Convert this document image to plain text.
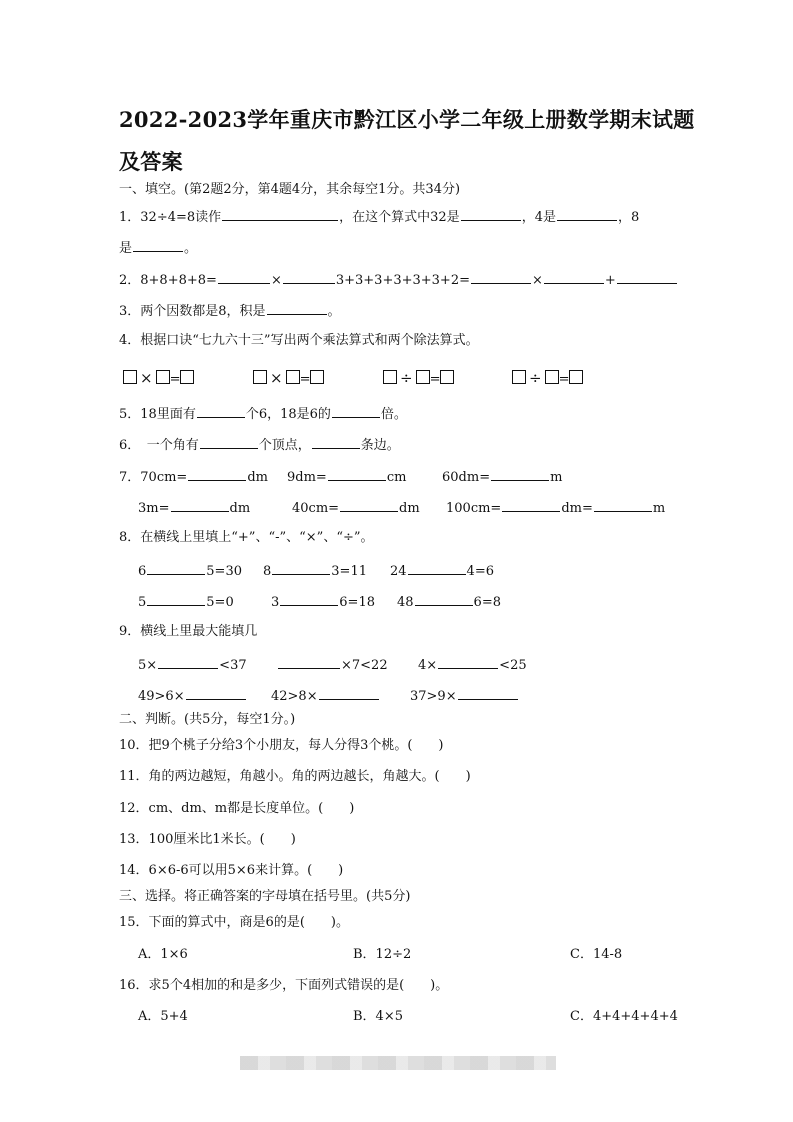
2022-2023学年重庆市黔江区小学二年级上册数学期末试题
及答案
一、填空。(第2题2分，第4题4分，其余每空1分。共34分)
1．32÷4=8读作	，在这个算式中32是	，4是	，8
是	。
2．8+8+8+8=	×	3+3+3+3+3+3+2=	×	+
3．两个因数都是8，积是	。
4．根据口诀“七九六十三”写出两个乘法算式和两个除法算式。
× =	× =	÷ =	÷ =
5．18里面有	个6，18是6的	倍。
6．　一个角有	个顶点，	条边。
7．70cm=	dm 9dm=	cm	60dm=	m
3m=	dm	40cm=	dm 100cm=	dm=	m
8．在横线上里填上“+”、“-”、“×”、“÷”。
6	5=30 8	3=11 24	4=6
5	5=0	3	6=18 48	6=8
9．横线上里最大能填几
5×	<37	×7<22 4×	<25
49>6×	42>8×	37>9×
二、判断。(共5分，每空1分。)
10．把9个桃子分给3个小朋友，每人分得3个桃。(　　)
11．角的两边越短，角越小。角的两边越长，角越大。(　　)
12．cm、dm、m都是长度单位。(　　)
13．100厘米比1米长。(　　)
14．6×6-6可以用5×6来计算。(　　)
三、选择。将正确答案的字母填在括号里。(共5分)
15．下面的算式中，商是6的是(　　)。
A．1×6	B．12÷2	C．14-8
16．求5个4相加的和是多少，下面列式错误的是(　　)。
A．5+4	B．4×5	C．4+4+4+4+4
